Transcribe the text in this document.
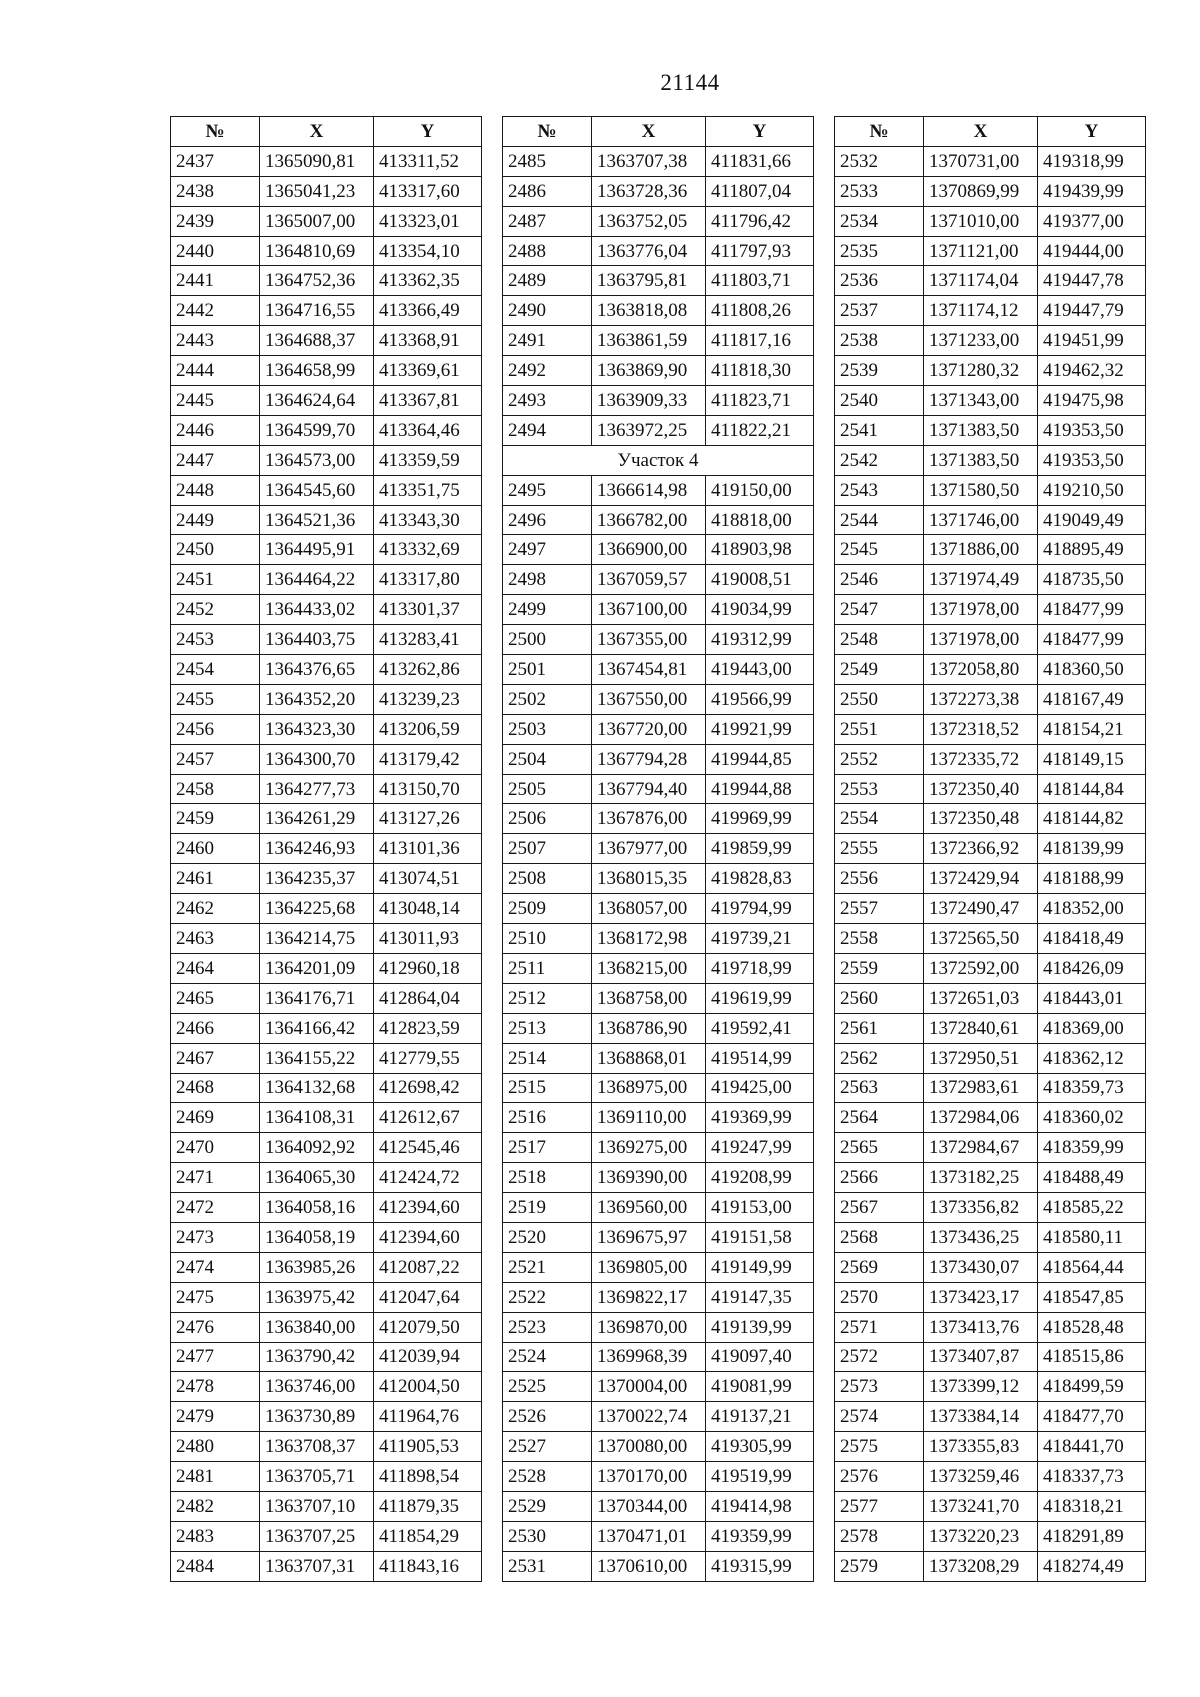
21144
№	X	Y
2437	1365090,81	413311,52
2438	1365041,23	413317,60
2439	1365007,00	413323,01
2440	1364810,69	413354,10
2441	1364752,36	413362,35
2442	1364716,55	413366,49
2443	1364688,37	413368,91
2444	1364658,99	413369,61
2445	1364624,64	413367,81
2446	1364599,70	413364,46
2447	1364573,00	413359,59
2448	1364545,60	413351,75
2449	1364521,36	413343,30
2450	1364495,91	413332,69
2451	1364464,22	413317,80
2452	1364433,02	413301,37
2453	1364403,75	413283,41
2454	1364376,65	413262,86
2455	1364352,20	413239,23
2456	1364323,30	413206,59
2457	1364300,70	413179,42
2458	1364277,73	413150,70
2459	1364261,29	413127,26
2460	1364246,93	413101,36
2461	1364235,37	413074,51
2462	1364225,68	413048,14
2463	1364214,75	413011,93
2464	1364201,09	412960,18
2465	1364176,71	412864,04
2466	1364166,42	412823,59
2467	1364155,22	412779,55
2468	1364132,68	412698,42
2469	1364108,31	412612,67
2470	1364092,92	412545,46
2471	1364065,30	412424,72
2472	1364058,16	412394,60
2473	1364058,19	412394,60
2474	1363985,26	412087,22
2475	1363975,42	412047,64
2476	1363840,00	412079,50
2477	1363790,42	412039,94
2478	1363746,00	412004,50
2479	1363730,89	411964,76
2480	1363708,37	411905,53
2481	1363705,71	411898,54
2482	1363707,10	411879,35
2483	1363707,25	411854,29
2484	1363707,31	411843,16
№	X	Y
2485	1363707,38	411831,66
2486	1363728,36	411807,04
2487	1363752,05	411796,42
2488	1363776,04	411797,93
2489	1363795,81	411803,71
2490	1363818,08	411808,26
2491	1363861,59	411817,16
2492	1363869,90	411818,30
2493	1363909,33	411823,71
2494	1363972,25	411822,21
Участок 4		
2495	1366614,98	419150,00
2496	1366782,00	418818,00
2497	1366900,00	418903,98
2498	1367059,57	419008,51
2499	1367100,00	419034,99
2500	1367355,00	419312,99
2501	1367454,81	419443,00
2502	1367550,00	419566,99
2503	1367720,00	419921,99
2504	1367794,28	419944,85
2505	1367794,40	419944,88
2506	1367876,00	419969,99
2507	1367977,00	419859,99
2508	1368015,35	419828,83
2509	1368057,00	419794,99
2510	1368172,98	419739,21
2511	1368215,00	419718,99
2512	1368758,00	419619,99
2513	1368786,90	419592,41
2514	1368868,01	419514,99
2515	1368975,00	419425,00
2516	1369110,00	419369,99
2517	1369275,00	419247,99
2518	1369390,00	419208,99
2519	1369560,00	419153,00
2520	1369675,97	419151,58
2521	1369805,00	419149,99
2522	1369822,17	419147,35
2523	1369870,00	419139,99
2524	1369968,39	419097,40
2525	1370004,00	419081,99
2526	1370022,74	419137,21
2527	1370080,00	419305,99
2528	1370170,00	419519,99
2529	1370344,00	419414,98
2530	1370471,01	419359,99
2531	1370610,00	419315,99
№	X	Y
2532	1370731,00	419318,99
2533	1370869,99	419439,99
2534	1371010,00	419377,00
2535	1371121,00	419444,00
2536	1371174,04	419447,78
2537	1371174,12	419447,79
2538	1371233,00	419451,99
2539	1371280,32	419462,32
2540	1371343,00	419475,98
2541	1371383,50	419353,50
2542	1371383,50	419353,50
2543	1371580,50	419210,50
2544	1371746,00	419049,49
2545	1371886,00	418895,49
2546	1371974,49	418735,50
2547	1371978,00	418477,99
2548	1371978,00	418477,99
2549	1372058,80	418360,50
2550	1372273,38	418167,49
2551	1372318,52	418154,21
2552	1372335,72	418149,15
2553	1372350,40	418144,84
2554	1372350,48	418144,82
2555	1372366,92	418139,99
2556	1372429,94	418188,99
2557	1372490,47	418352,00
2558	1372565,50	418418,49
2559	1372592,00	418426,09
2560	1372651,03	418443,01
2561	1372840,61	418369,00
2562	1372950,51	418362,12
2563	1372983,61	418359,73
2564	1372984,06	418360,02
2565	1372984,67	418359,99
2566	1373182,25	418488,49
2567	1373356,82	418585,22
2568	1373436,25	418580,11
2569	1373430,07	418564,44
2570	1373423,17	418547,85
2571	1373413,76	418528,48
2572	1373407,87	418515,86
2573	1373399,12	418499,59
2574	1373384,14	418477,70
2575	1373355,83	418441,70
2576	1373259,46	418337,73
2577	1373241,70	418318,21
2578	1373220,23	418291,89
2579	1373208,29	418274,49
